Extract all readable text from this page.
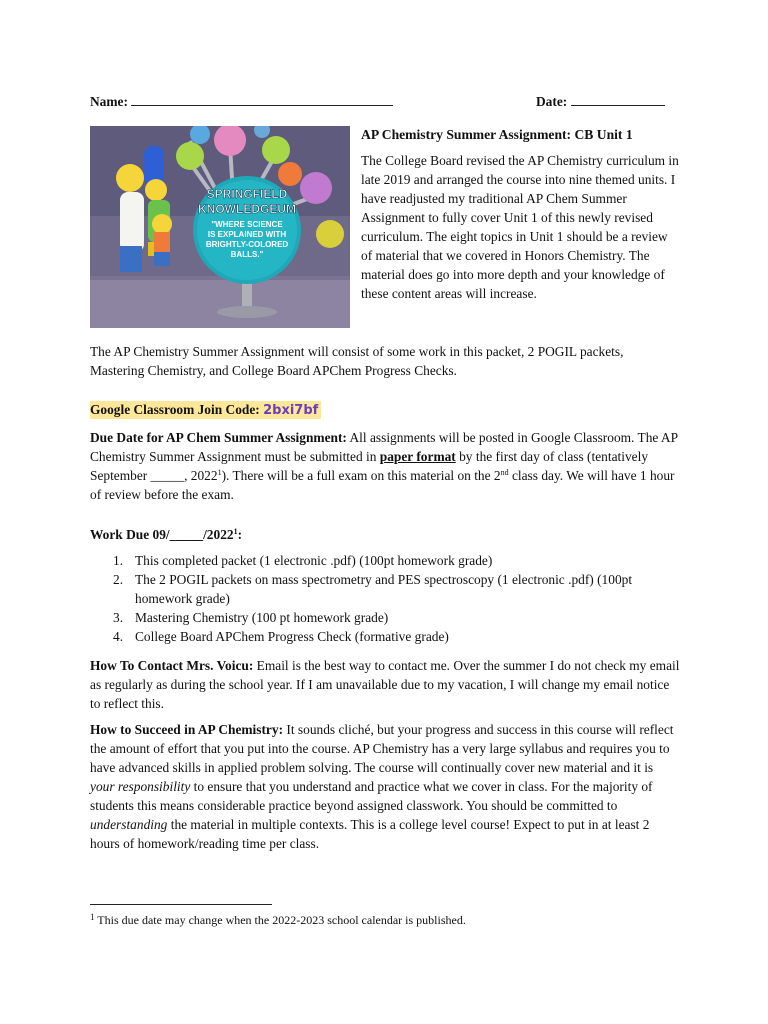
Name:	Date:
SPRINGFIELD
KNOWLEDGEUM
"WHERE SCIENCE
IS EXPLAINED WITH
BRIGHTLY-COLORED
BALLS."
AP Chemistry Summer Assignment: CB Unit 1

The College Board revised the AP Chemistry curriculum in late 2019 and arranged the course into nine themed units. I have readjusted my traditional AP Chem Summer Assignment to fully cover Unit 1 of this newly revised curriculum. The eight topics in Unit 1 should be a review of material that we covered in Honors Chemistry. The material does go into more depth and your knowledge of these content areas will increase.

The AP Chemistry Summer Assignment will consist of some work in this packet, 2 POGIL packets, Mastering Chemistry, and College Board APChem Progress Checks.

Google Classroom Join Code: 2bxi7bf

Due Date for AP Chem Summer Assignment: All assignments will be posted in Google Classroom. The AP Chemistry Summer Assignment must be submitted in paper format by the first day of class (tentatively September _____, 2022$^1$). There will be a full exam on this material on the 2nd class day. We will have 1 hour of review before the exam.

Work Due 09/_____/2022$^1$:

1. This completed packet (1 electronic .pdf) (100pt homework grade)
2. The 2 POGIL packets on mass spectrometry and PES spectroscopy (1 electronic .pdf) (100pt homework grade)
3. Mastering Chemistry (100 pt homework grade)
4. College Board APChem Progress Check (formative grade)

How To Contact Mrs. Voicu: Email is the best way to contact me. Over the summer I do not check my email as regularly as during the school year. If I am unavailable due to my vacation, I will change my email notice to reflect this.

How to Succeed in AP Chemistry: It sounds cliché, but your progress and success in this course will reflect the amount of effort that you put into the course. AP Chemistry has a very large syllabus and requires you to have advanced skills in applied problem solving. The course will continually cover new material and it is your responsibility to ensure that you understand and practice what we cover in class. For the majority of students this means considerable practice beyond assigned classwork. You should be committed to understanding the material in multiple contexts. This is a college level course! Expect to put in at least 2 hours of homework/reading time per class.

$^1$ This due date may change when the 2022-2023 school calendar is published.
